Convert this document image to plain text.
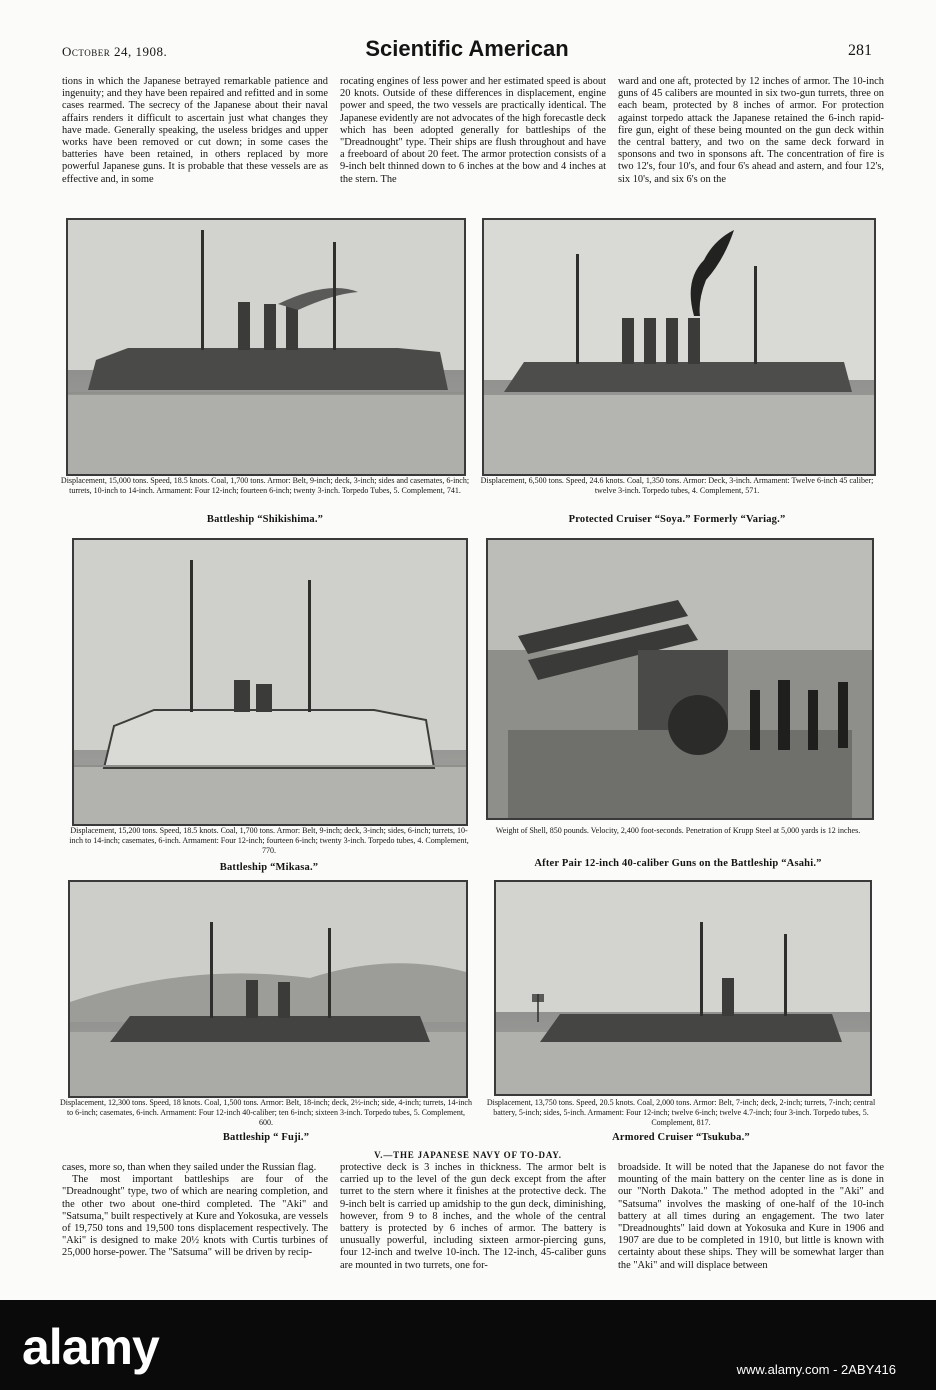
October 24, 1908.	Scientific American	281

tions in which the Japanese betrayed remarkable patience and ingenuity; and they have been repaired and refitted and in some cases rearmed. The secrecy of the Japanese about their naval affairs renders it difficult to ascertain just what changes they have made. Generally speaking, the useless bridges and upper works have been removed or cut down; in some cases the batteries have been retained, in others replaced by more powerful Japanese guns. It is probable that these vessels are as effective and, in some

rocating engines of less power and her estimated speed is about 20 knots. Outside of these differences in displacement, engine power and speed, the two vessels are practically identical. The Japanese evidently are not advocates of the high forecastle deck which has been adopted generally for battleships of the "Dreadnought" type. Their ships are flush throughout and have a freeboard of about 20 feet. The armor protection consists of a 9-inch belt thinned down to 6 inches at the bow and 4 inches at the stern. The

ward and one aft, protected by 12 inches of armor. The 10-inch guns of 45 calibers are mounted in six two-gun turrets, three on each beam, protected by 8 inches of armor. For protection against torpedo attack the Japanese retained the 6-inch rapid-fire gun, eight of these being mounted on the gun deck within the central battery, and two on the same deck forward in sponsons and two in sponsons aft. The concentration of fire is two 12's, four 10's, and four 6's ahead and astern, and four 12's, six 10's, and six 6's on the

Displacement, 15,000 tons. Speed, 18.5 knots. Coal, 1,700 tons. Armor: Belt, 9-inch; deck, 3-inch; sides and casemates, 6-inch; turrets, 10-inch to 14-inch. Armament: Four 12-inch; fourteen 6-inch; twenty 3-inch. Torpedo Tubes, 5. Complement, 741.
Battleship “Shikishima.”
Displacement, 6,500 tons. Speed, 24.6 knots. Coal, 1,350 tons. Armor: Deck, 3-inch. Armament: Twelve 6-inch 45 caliber; twelve 3-inch. Torpedo tubes, 4. Complement, 571.
Protected Cruiser “Soya.” Formerly “Variag.”
Displacement, 15,200 tons. Speed, 18.5 knots. Coal, 1,700 tons. Armor: Belt, 9-inch; deck, 3-inch; sides, 6-inch; turrets, 10-inch to 14-inch; casemates, 6-inch. Armament: Four 12-inch; fourteen 6-inch; twenty 3-inch. Torpedo tubes, 4. Complement, 770.
Battleship “Mikasa.”
Weight of Shell, 850 pounds. Velocity, 2,400 foot-seconds. Penetration of Krupp Steel at 5,000 yards is 12 inches.
After Pair 12-inch 40-caliber Guns on the Battleship “Asahi.”
Displacement, 12,300 tons. Speed, 18 knots. Coal, 1,500 tons. Armor: Belt, 18-inch; deck, 2½-inch; side, 4-inch; turrets, 14-inch to 6-inch; casemates, 6-inch. Armament: Four 12-inch 40-caliber; ten 6-inch; sixteen 3-inch. Torpedo tubes, 5. Complement, 600.
Battleship “ Fuji.”
Displacement, 13,750 tons. Speed, 20.5 knots. Coal, 2,000 tons. Armor: Belt, 7-inch; deck, 2-inch; turrets, 7-inch; central battery, 5-inch; sides, 5-inch. Armament: Four 12-inch; twelve 6-inch; twelve 4.7-inch; four 3-inch. Torpedo tubes, 5. Complement, 817.
Armored Cruiser “Tsukuba.”
V.—THE JAPANESE NAVY OF TO-DAY.

cases, more so, than when they sailed under the Russian flag.

The most important battleships are four of the "Dreadnought" type, two of which are nearing completion, and the other two about one-third completed. The "Aki" and "Satsuma," built respectively at Kure and Yokosuka, are vessels of 19,750 tons and 19,500 tons displacement respectively. The "Aki" is designed to make 20½ knots with Curtis turbines of 25,000 horse-power. The "Satsuma" will be driven by recip-

protective deck is 3 inches in thickness. The armor belt is carried up to the level of the gun deck except from the after turret to the stern where it finishes at the protective deck. The 9-inch belt is carried up amidship to the gun deck, diminishing, however, from 9 to 8 inches, and the whole of the central battery is protected by 6 inches of armor. The battery is unusually powerful, including sixteen armor-piercing guns, four 12-inch and twelve 10-inch. The 12-inch, 45-caliber guns are mounted in two turrets, one for-

broadside. It will be noted that the Japanese do not favor the mounting of the main battery on the center line as is done in our "North Dakota." The method adopted in the "Aki" and "Satsuma" involves the masking of one-half of the 10-inch battery at all times during an engagement. The two later "Dreadnoughts" laid down at Yokosuka and Kure in 1906 and 1907 are due to be completed in 1910, but little is known with certainty about these ships. They will be somewhat larger than the "Aki" and will displace between

alamy	www.alamy.com - 2ABY416
